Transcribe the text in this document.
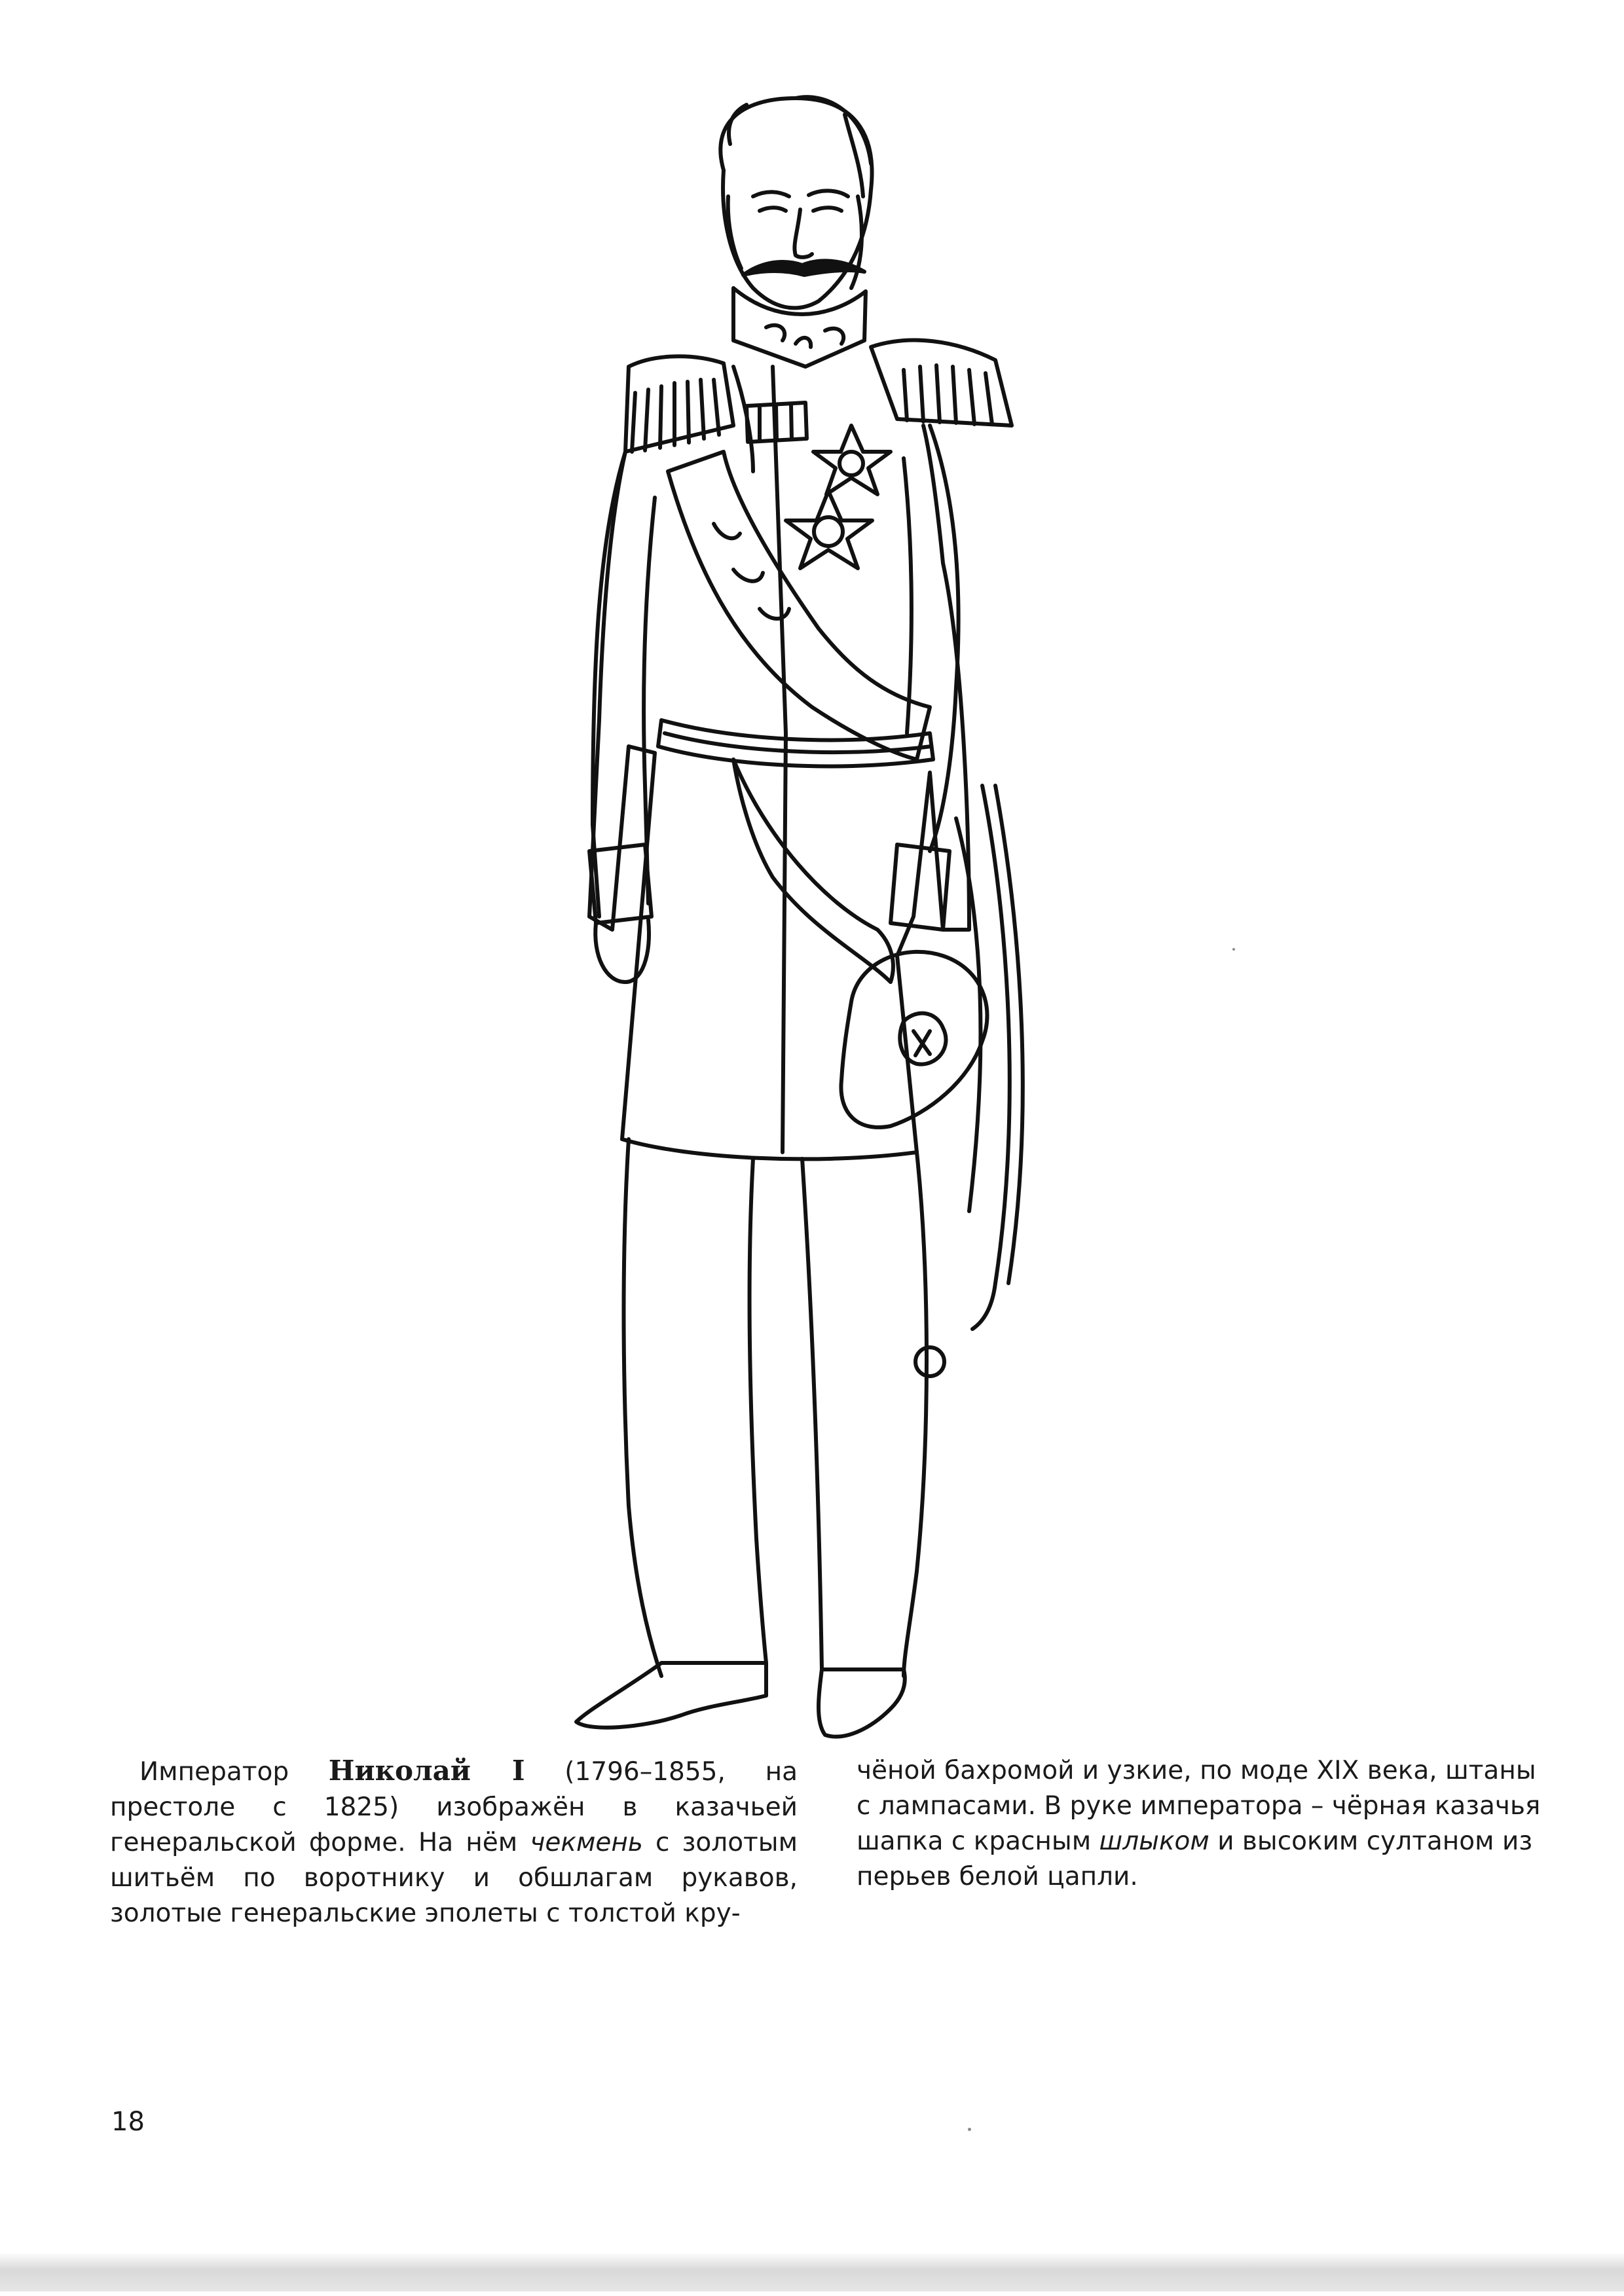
Император Николай I (1796–1855, на престоле с 1825) изображён в казачьей генеральской форме. На нём чекмень с золотым шитьём по воротнику и обшлагам рукавов, золотые генеральские эполеты с толстой кру-

чёной бахромой и узкие, по моде XIX века, штаны с лампасами. В руке императора – чёрная казачья шапка с красным шлыком и высоким султаном из перьев белой цапли.

18
